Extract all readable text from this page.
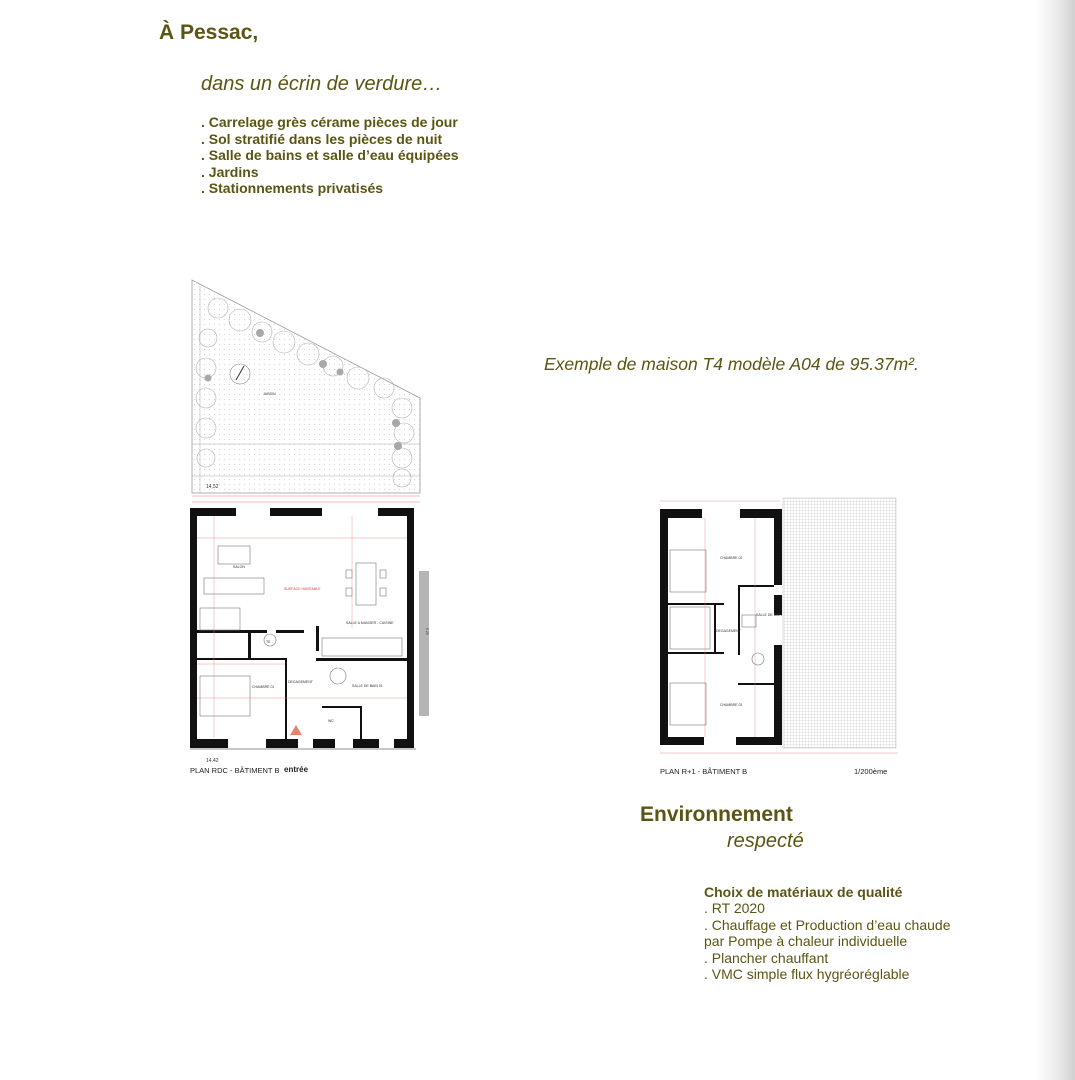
À Pessac,
dans un écrin de verdure…
. Carrelage grès cérame pièces de jour
. Sol stratifié dans les pièces de nuit
. Salle de bains et salle d’eau équipées
. Jardins
. Stationnements privatisés
Exemple de maison T4 modèle A04 de 95.37m².
JARDIN
14,52
SALON
SURFACE HABITABLE
SALLE A MANGER - CUISINE
CHAMBRE 01
DEGAGEMENT
SALLE DE BAIN 01
WC
TE
9.25
14.42
PLAN RDC - BÂTIMENT B entrée
CHAMBRE 02
CHAMBRE 03
DEGAGEMENT
SALLE DE BAIN
PLAN R+1 - BÂTIMENT B	1/200ème
Environnement
respecté
Choix de matériaux de qualité
. RT 2020
. Chauffage et Production d’eau chaude
par Pompe à chaleur individuelle
. Plancher chauffant
. VMC simple flux hygréoréglable
